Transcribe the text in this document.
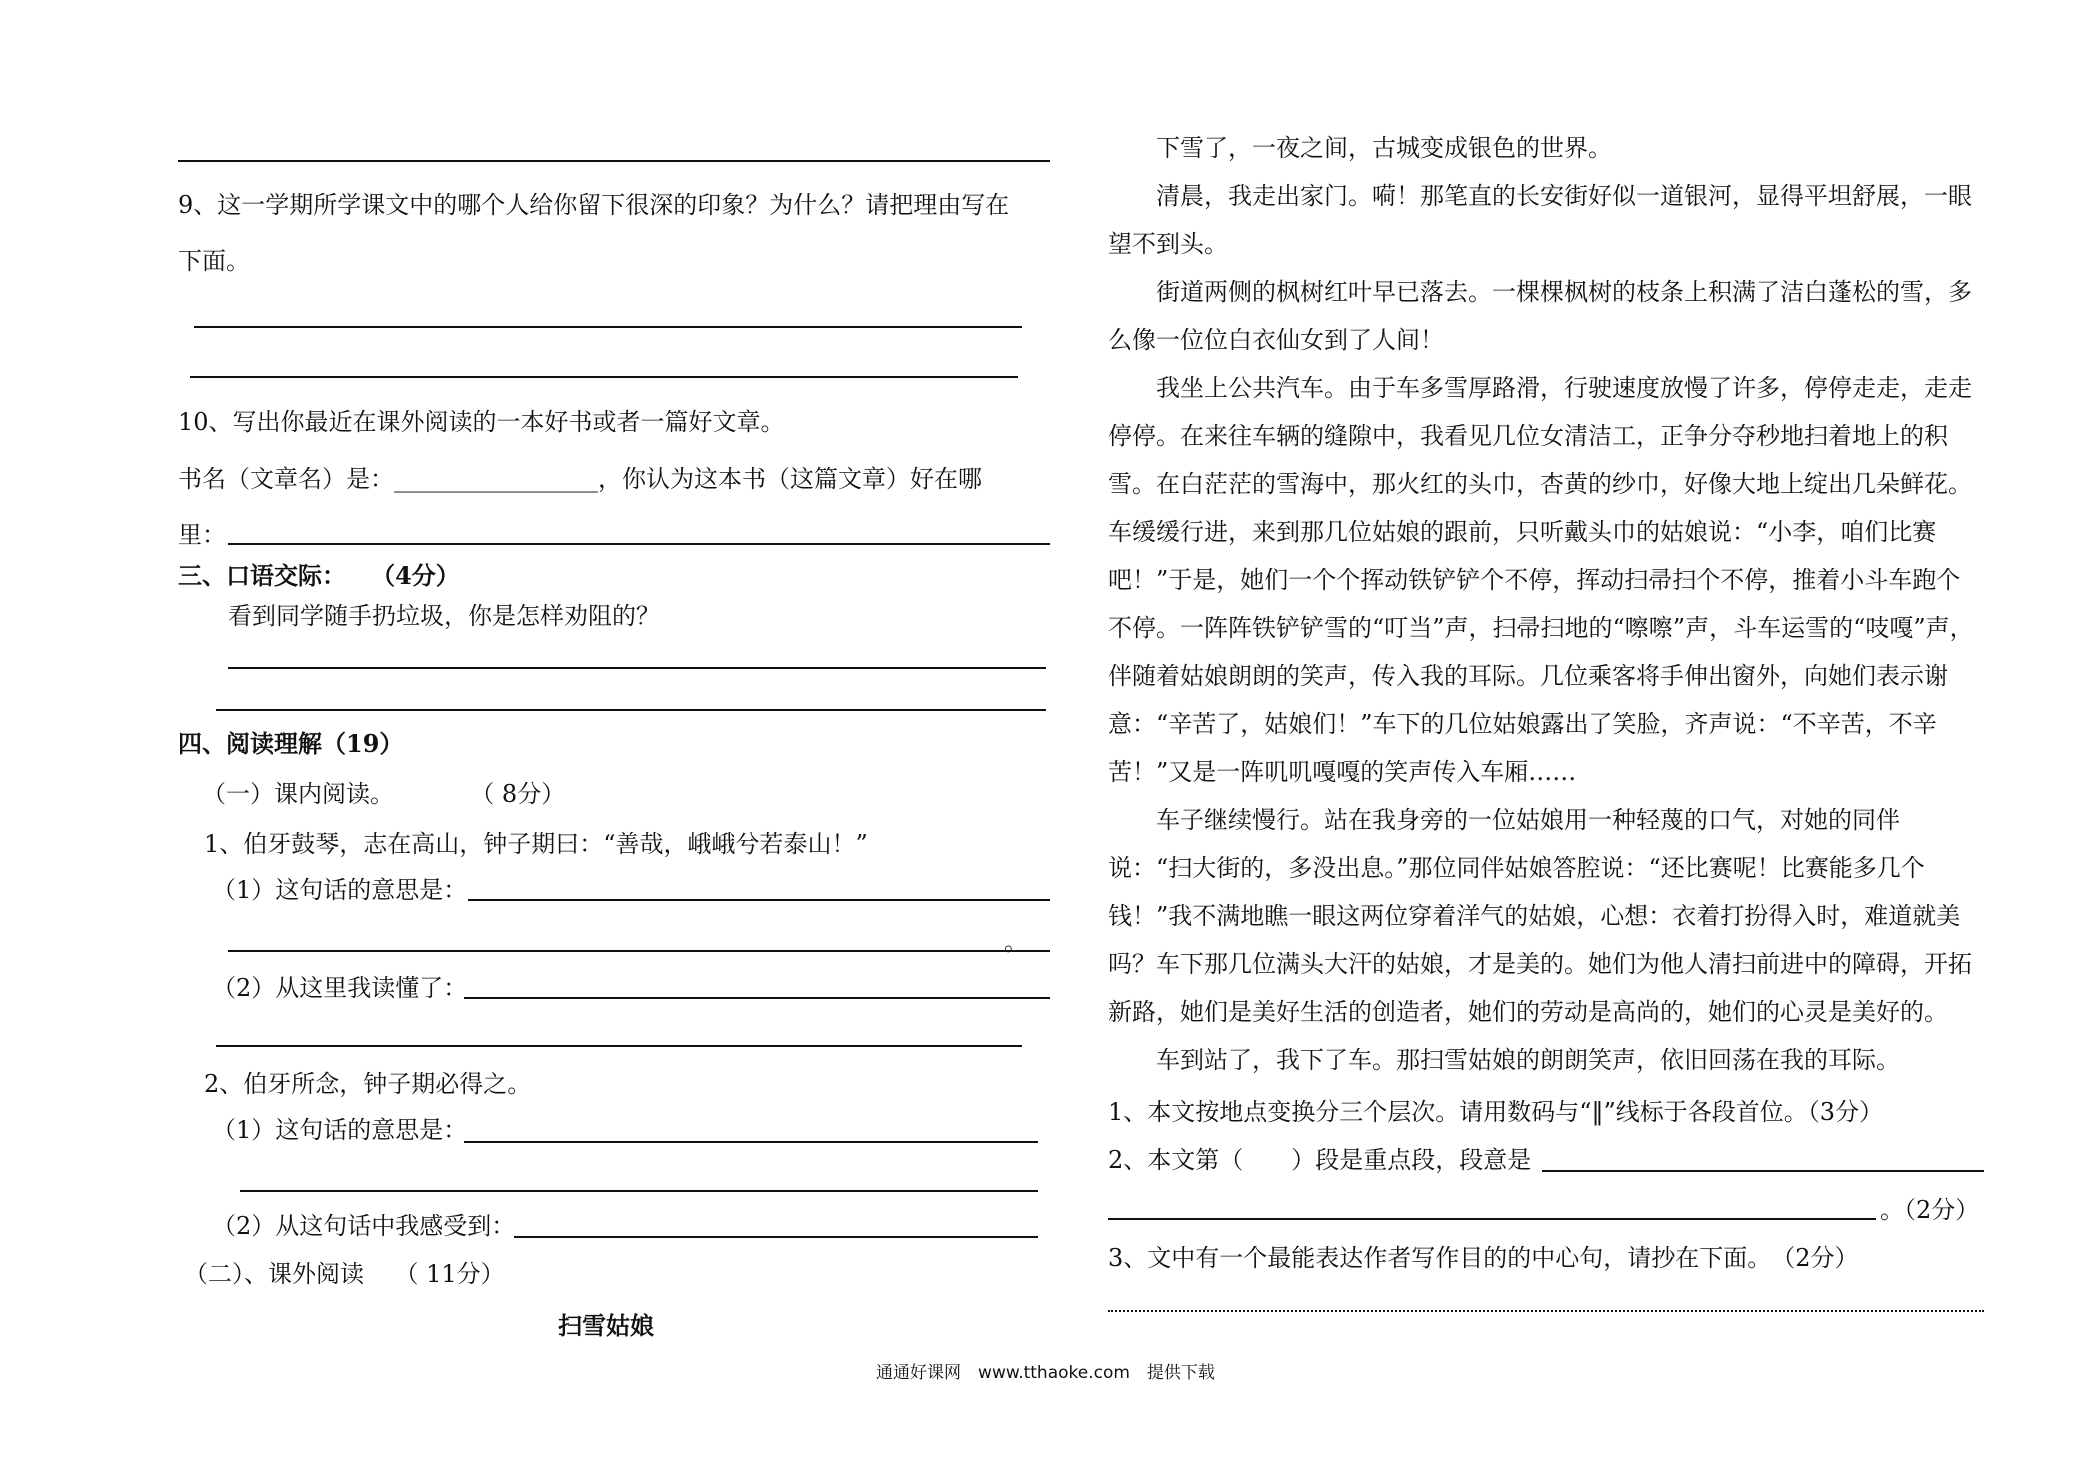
9、这一学期所学课文中的哪个人给你留下很深的印象？为什么？请把理由写在
下面。
10、写出你最近在课外阅读的一本好书或者一篇好文章。
书名（文章名）是：_________________，你认为这本书（这篇文章）好在哪
里：
三、口语交际： （4分）
看到同学随手扔垃圾，你是怎样劝阻的？
四、阅读理解（19）
（一）课内阅读。	（ 8分）
1、伯牙鼓琴，志在高山，钟子期曰：“善哉，峨峨兮若泰山！”
（1）这句话的意思是：
。
（2）从这里我读懂了：
2、伯牙所念，钟子期必得之。
（1）这句话的意思是：
（2）从这句话中我感受到：
（二）、课外阅读 （ 11分）
扫雪姑娘
下雪了，一夜之间，古城变成银色的世界。
清晨，我走出家门。嗬！那笔直的长安街好似一道银河，显得平坦舒展，一眼望不到头。
街道两侧的枫树红叶早已落去。一棵棵枫树的枝条上积满了洁白蓬松的雪，多么像一位位白衣仙女到了人间！
我坐上公共汽车。由于车多雪厚路滑，行驶速度放慢了许多，停停走走，走走停停。在来往车辆的缝隙中，我看见几位女清洁工，正争分夺秒地扫着地上的积雪。在白茫茫的雪海中，那火红的头巾，杏黄的纱巾，好像大地上绽出几朵鲜花。车缓缓行进，来到那几位姑娘的跟前，只听戴头巾的姑娘说：“小李，咱们比赛吧！”于是，她们一个个挥动铁铲铲个不停，挥动扫帚扫个不停，推着小斗车跑个不停。一阵阵铁铲铲雪的“叮当”声，扫帚扫地的“嚓嚓”声，斗车运雪的“吱嘎”声，伴随着姑娘朗朗的笑声，传入我的耳际。几位乘客将手伸出窗外，向她们表示谢意：“辛苦了，姑娘们！”车下的几位姑娘露出了笑脸，齐声说：“不辛苦，不辛苦！”又是一阵叽叽嘎嘎的笑声传入车厢……
车子继续慢行。站在我身旁的一位姑娘用一种轻蔑的口气，对她的同伴说：“扫大街的，多没出息。”那位同伴姑娘答腔说：“还比赛呢！比赛能多几个钱！”我不满地瞧一眼这两位穿着洋气的姑娘，心想：衣着打扮得入时，难道就美吗？车下那几位满头大汗的姑娘，才是美的。她们为他人清扫前进中的障碍，开拓新路，她们是美好生活的创造者，她们的劳动是高尚的，她们的心灵是美好的。
车到站了，我下了车。那扫雪姑娘的朗朗笑声，依旧回荡在我的耳际。
1、本文按地点变换分三个层次。请用数码与“‖”线标于各段首位。（3分）
2、本文第（　　）段是重点段，段意是
。（2分）
3、文中有一个最能表达作者写作目的的中心句，请抄在下面。　（2分）
通通好课网　www.tthaoke.com　提供下载
